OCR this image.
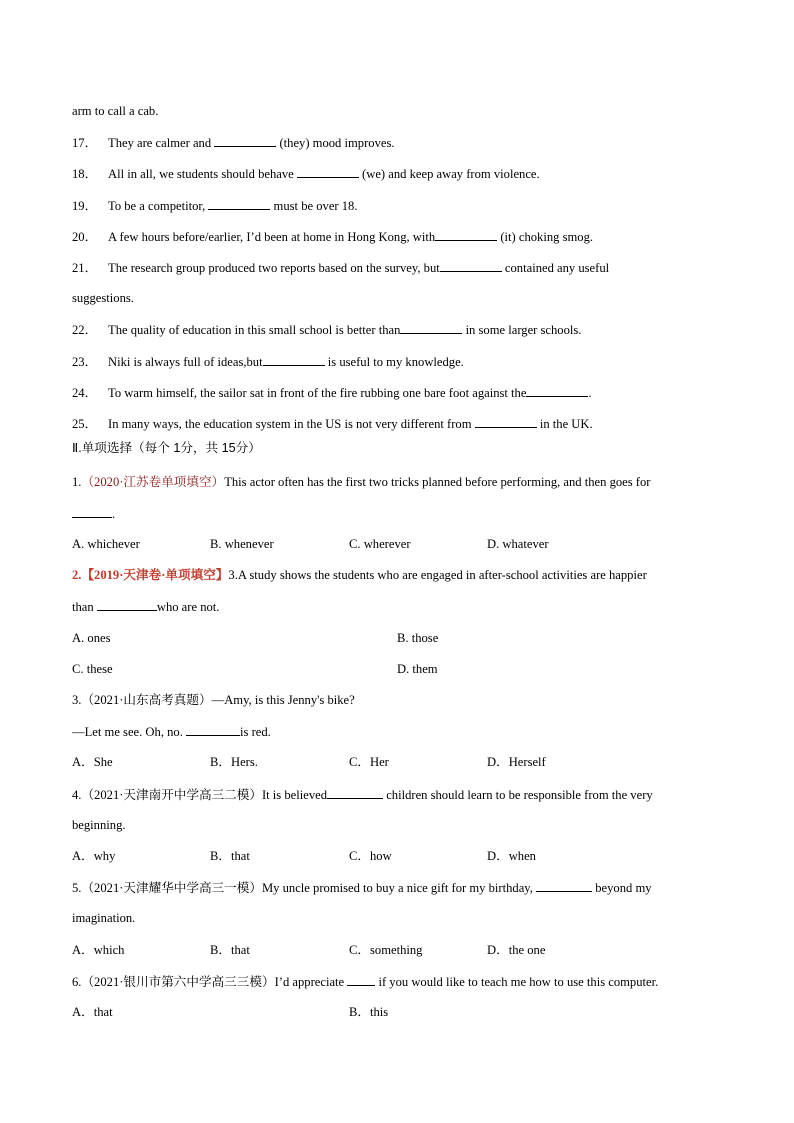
arm to call a cab.
17． They are calmer and	(they) mood improves.
18． All in all, we students should behave	(we) and keep away from violence.
19． To be a competitor,	must be over 18.
20． A few hours before/earlier, I’d been at home in Hong Kong, with	(it) choking smog.
21． The research group produced two reports based on the survey, but	contained any useful
suggestions.
22． The quality of education in this small school is better than	in some larger schools.
23． Niki is always full of ideas,but	is useful to my knowledge.
24． To warm himself, the sailor sat in front of the fire rubbing one bare foot against the	.
25． In many ways, the education system in the US is not very different from	in the UK.
Ⅱ.单项选择（每个 1分，共 15分）
1.（2020·江苏卷单项填空）This actor often has the first two tricks planned before performing, and then goes for
.
A. whichever	B. whenever	C. wherever	D. whatever
2.【2019·天津卷·单项填空】3.A study shows the students who are engaged in after-school activities are happier
than	who are not.
A. ones	B. those
C. these	D. them
3.（2021·山东高考真题）—Amy, is this Jenny's bike?
—Let me see. Oh, no.	is red.
A．She	B．Hers.	C．Her	D．Herself
4.（2021·天津南开中学高三二模）It is believed	children should learn to be responsible from the very
beginning.
A．why	B．that	C．how	D．when
5.（2021·天津耀华中学高三一模）My uncle promised to buy a nice gift for my birthday,	beyond my
imagination.
A．which	B．that	C．something	D．the one
6.（2021·银川市第六中学高三三模）I’d appreciate	if you would like to teach me how to use this computer.
A．that	B．this
